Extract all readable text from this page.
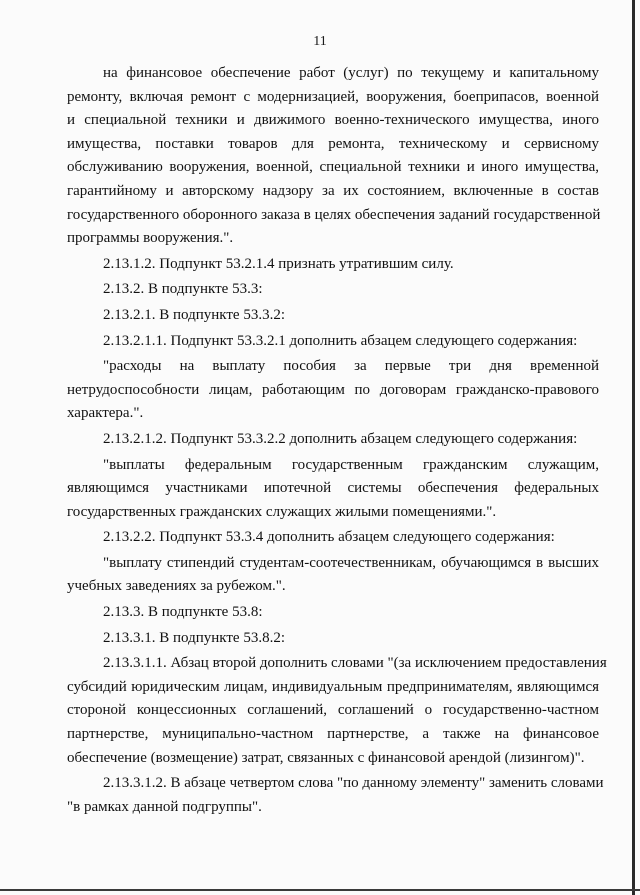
11

на финансовое обеспечение работ (услуг) по текущему и капитальному

ремонту, включая ремонт с модернизацией, вооружения, боеприпасов, военной

и специальной техники и движимого военно-технического имущества, иного

имущества, поставки товаров для ремонта, техническому и сервисному

обслуживанию вооружения, военной, специальной техники и иного имущества,

гарантийному и авторскому надзору за их состоянием, включенные в состав

государственного оборонного заказа в целях обеспечения заданий государственной

программы вооружения.".

2.13.1.2. Подпункт 53.2.1.4 признать утратившим силу.

2.13.2. В подпункте 53.3:

2.13.2.1. В подпункте 53.3.2:

2.13.2.1.1. Подпункт 53.3.2.1 дополнить абзацем следующего содержания:

"расходы на выплату пособия за первые три дня временной

нетрудоспособности лицам, работающим по договорам гражданско-правового

характера.".

2.13.2.1.2. Подпункт 53.3.2.2 дополнить абзацем следующего содержания:

"выплаты федеральным государственным гражданским служащим,

являющимся участниками ипотечной системы обеспечения федеральных

государственных гражданских служащих жилыми помещениями.".

2.13.2.2. Подпункт 53.3.4 дополнить абзацем следующего содержания:

"выплату стипендий студентам-соотечественникам, обучающимся в высших

учебных заведениях за рубежом.".

2.13.3. В подпункте 53.8:

2.13.3.1. В подпункте 53.8.2:

2.13.3.1.1. Абзац второй дополнить словами "(за исключением предоставления

субсидий юридическим лицам, индивидуальным предпринимателям, являющимся

стороной концессионных соглашений, соглашений о государственно-частном

партнерстве, муниципально-частном партнерстве, а также на финансовое

обеспечение (возмещение) затрат, связанных с финансовой арендой (лизингом)".

2.13.3.1.2. В абзаце четвертом слова "по данному элементу" заменить словами

"в рамках данной подгруппы".
